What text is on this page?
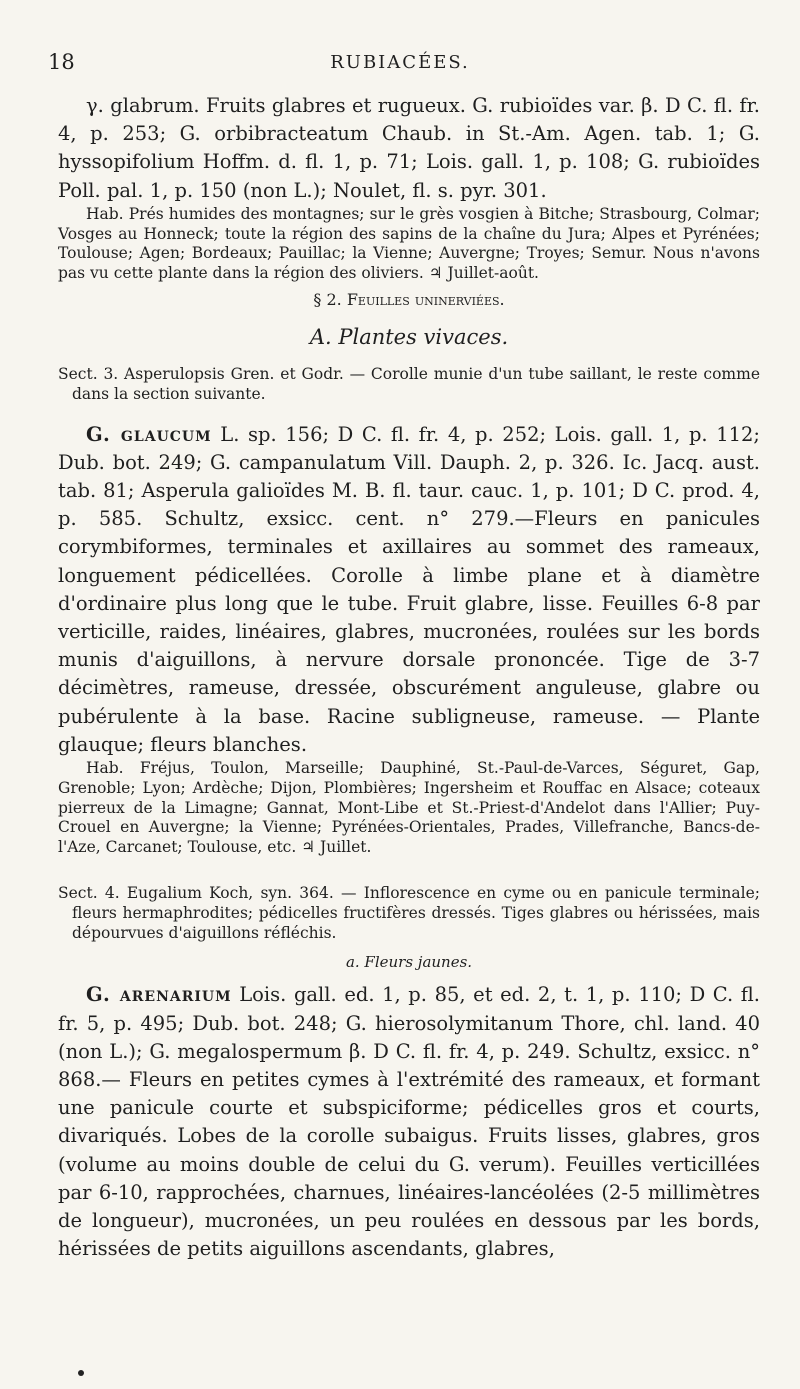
18	RUBIACÉES.

γ. glabrum. Fruits glabres et rugueux. G. rubioïdes var. β. D C. fl. fr. 4, p. 253; G. orbibracteatum Chaub. in St.-Am. Agen. tab. 1; G. hyssopifolium Hoffm. d. fl. 1, p. 71; Lois. gall. 1, p. 108; G. rubioïdes Poll. pal. 1, p. 150 (non L.); Noulet, fl. s. pyr. 301.

Hab. Prés humides des montagnes; sur le grès vosgien à Bitche; Strasbourg, Colmar; Vosges au Honneck; toute la région des sapins de la chaîne du Jura; Alpes et Pyrénées; Toulouse; Agen; Bordeaux; Pauillac; la Vienne; Auvergne; Troyes; Semur. Nous n'avons pas vu cette plante dans la région des oliviers. ♃ Juillet-août.

§ 2. Feuilles uninerviées.

A. Plantes vivaces.

Sect. 3. Asperulopsis Gren. et Godr. — Corolle munie d'un tube saillant, le reste comme dans la section suivante.

G. glaucum L. sp. 156; D C. fl. fr. 4, p. 252; Lois. gall. 1, p. 112; Dub. bot. 249; G. campanulatum Vill. Dauph. 2, p. 326. Ic. Jacq. aust. tab. 81; Asperula galioïdes M. B. fl. taur. cauc. 1, p. 101; D C. prod. 4, p. 585. Schultz, exsicc. cent. n° 279.—Fleurs en panicules corymbiformes, terminales et axillaires au sommet des rameaux, longuement pédicellées. Corolle à limbe plane et à diamètre d'ordinaire plus long que le tube. Fruit glabre, lisse. Feuilles 6-8 par verticille, raides, linéaires, glabres, mucronées, roulées sur les bords munis d'aiguillons, à nervure dorsale prononcée. Tige de 3-7 décimètres, rameuse, dressée, obscurément anguleuse, glabre ou pubérulente à la base. Racine sublignеuse, rameuse. — Plante glauque; fleurs blanches.

Hab. Fréjus, Toulon, Marseille; Dauphiné, St.-Paul-de-Varces, Séguret, Gap, Grenoble; Lyon; Ardèche; Dijon, Plombières; Ingersheim et Rouffac en Alsace; coteaux pierreux de la Limagne; Gannat, Mont-Libe et St.-Priest-d'Andelot dans l'Allier; Puy-Crouel en Auvergne; la Vienne; Pyrénées-Orientales, Prades, Villefranche, Bancs-de-l'Aze, Carcanet; Toulouse, etc. ♃ Juillet.

Sect. 4. Eugalium Koch, syn. 364. — Inflorescence en cyme ou en panicule terminale; fleurs hermaphrodites; pédicelles fructifères dressés. Tiges glabres ou hérissées, mais dépourvues d'aiguillons réfléchis.

a. Fleurs jaunes.

G. arenarium Lois. gall. ed. 1, p. 85, et ed. 2, t. 1, p. 110; D C. fl. fr. 5, p. 495; Dub. bot. 248; G. hierosolymitanum Thore, chl. land. 40 (non L.); G. megalospermum β. D C. fl. fr. 4, p. 249. Schultz, exsicc. n° 868.— Fleurs en petites cymes à l'extrémité des rameaux, et formant une panicule courte et subspiciforme; pédicelles gros et courts, divariqués. Lobes de la corolle subaigus. Fruits lisses, glabres, gros (volume au moins double de celui du G. verum). Feuilles verticillées par 6-10, rapprochées, charnues, linéaires-lancéolées (2-5 millimètres de longueur), mucronées, un peu roulées en dessous par les bords, hérissées de petits aiguillons ascendants, glabres,
